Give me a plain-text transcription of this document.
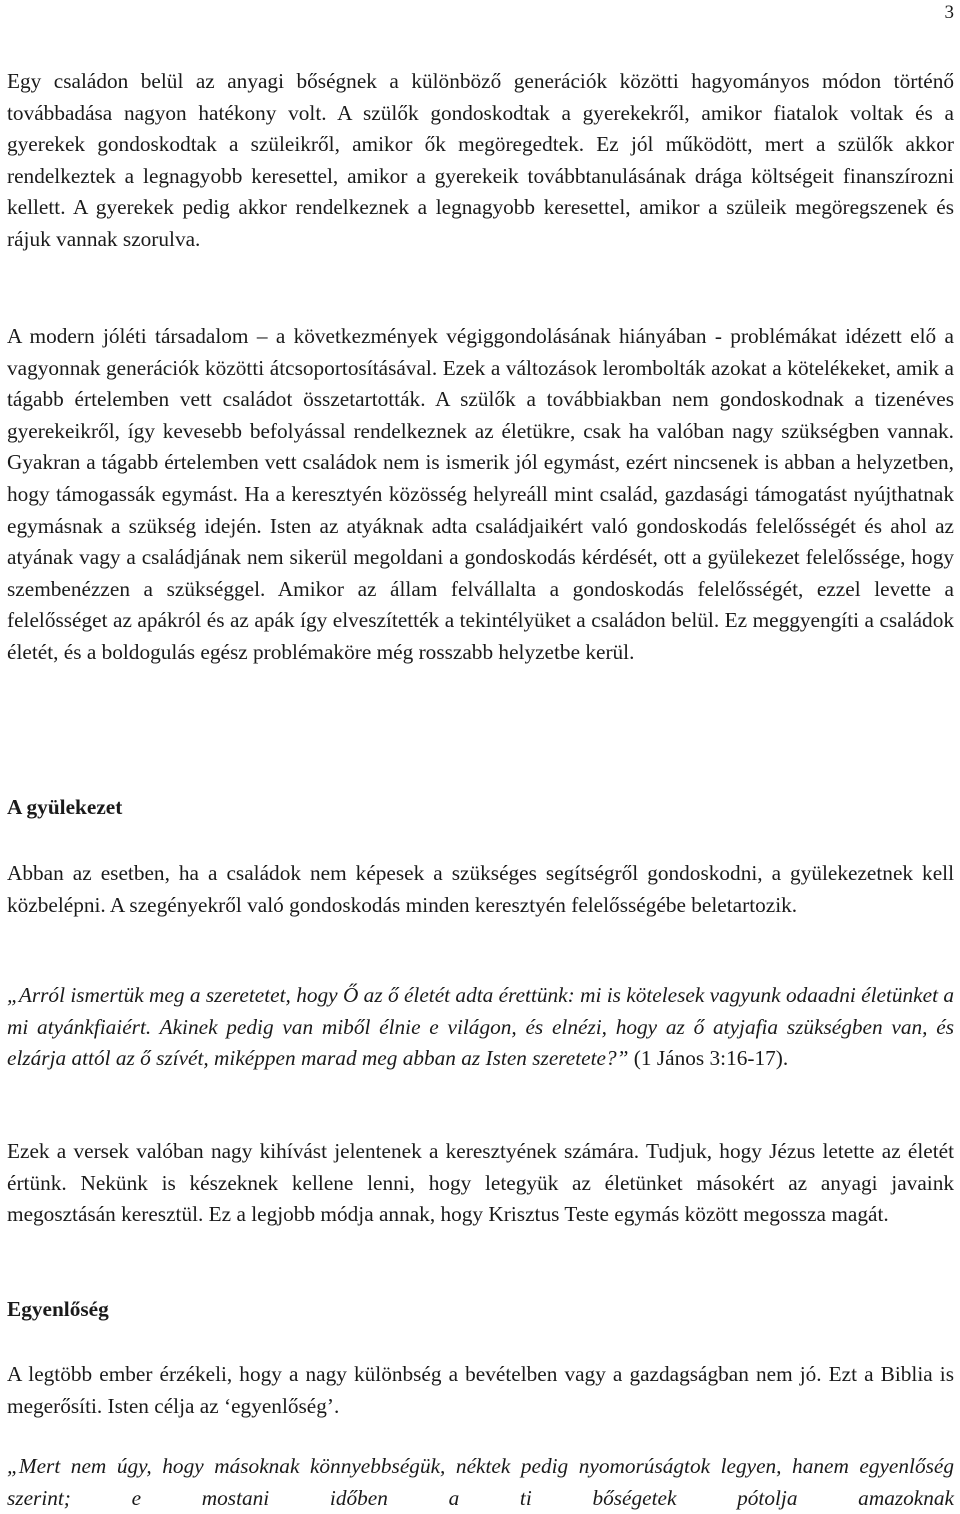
3

Egy családon belül az anyagi bőségnek a különböző generációk közötti hagyományos módon történő továbbadása nagyon hatékony volt. A szülők gondoskodtak a gyerekekről, amikor fiatalok voltak és a gyerekek gondoskodtak a szüleikről, amikor ők megöregedtek. Ez jól működött, mert a szülők akkor rendelkeztek a legnagyobb keresettel, amikor a gyerekeik továbbtanulásának drága költségeit finanszírozni kellett. A gyerekek pedig akkor rendelkeznek a legnagyobb keresettel, amikor a szüleik megöregszenek és rájuk vannak szorulva.

A modern jóléti társadalom – a következmények végiggondolásának hiányában - problémákat idézett elő a vagyonnak generációk közötti átcsoportosításával. Ezek a változások lerombolták azokat a kötelékeket, amik a tágabb értelemben vett családot összetartották. A szülők a továbbiakban nem gondoskodnak a tizenéves gyerekeikről, így kevesebb befolyással rendelkeznek az életükre, csak ha valóban nagy szükségben vannak. Gyakran a tágabb értelemben vett családok nem is ismerik jól egymást, ezért nincsenek is abban a helyzetben, hogy támogassák egymást. Ha a keresztyén közösség helyreáll mint család, gazdasági támogatást nyújthatnak egymásnak a szükség idején. Isten az atyáknak adta családjaikért való gondoskodás felelősségét és ahol az atyának vagy a családjának nem sikerül megoldani a gondoskodás kérdését, ott a gyülekezet felelőssége, hogy szembenézzen a szükséggel. Amikor az állam felvállalta a gondoskodás felelősségét, ezzel levette a felelősséget az apákról és az apák így elveszítették a tekintélyüket a családon belül. Ez meggyengíti a családok életét, és a boldogulás egész problémaköre még rosszabb helyzetbe kerül.

A gyülekezet

Abban az esetben, ha a családok nem képesek a szükséges segítségről gondoskodni, a gyülekezetnek kell közbelépni. A szegényekről való gondoskodás minden keresztyén felelősségébe beletartozik.

„Arról ismertük meg a szeretetet, hogy Ő az ő életét adta érettünk: mi is kötelesek vagyunk odaadni életünket a mi atyánkfiaiért. Akinek pedig van miből élnie e világon, és elnézi, hogy az ő atyjafia szükségben van, és elzárja attól az ő szívét, miképpen marad meg abban az Isten szeretete?” (1 János 3:16-17).

Ezek a versek valóban nagy kihívást jelentenek a keresztyének számára. Tudjuk, hogy Jézus letette az életét értünk. Nekünk is készeknek kellene lenni, hogy letegyük az életünket másokért az anyagi javaink megosztásán keresztül. Ez a legjobb módja annak, hogy Krisztus Teste egymás között megossza magát.

Egyenlőség

A legtöbb ember érzékeli, hogy a nagy különbség a bevételben vagy a gazdagságban nem jó. Ezt a Biblia is megerősíti. Isten célja az ‘egyenlőség’.

„Mert nem úgy, hogy másoknak könnyebbségük, néktek pedig nyomorúságtok legyen, hanem egyenlőség szerint; e mostani időben a ti bőségetek pótolja amazoknak
